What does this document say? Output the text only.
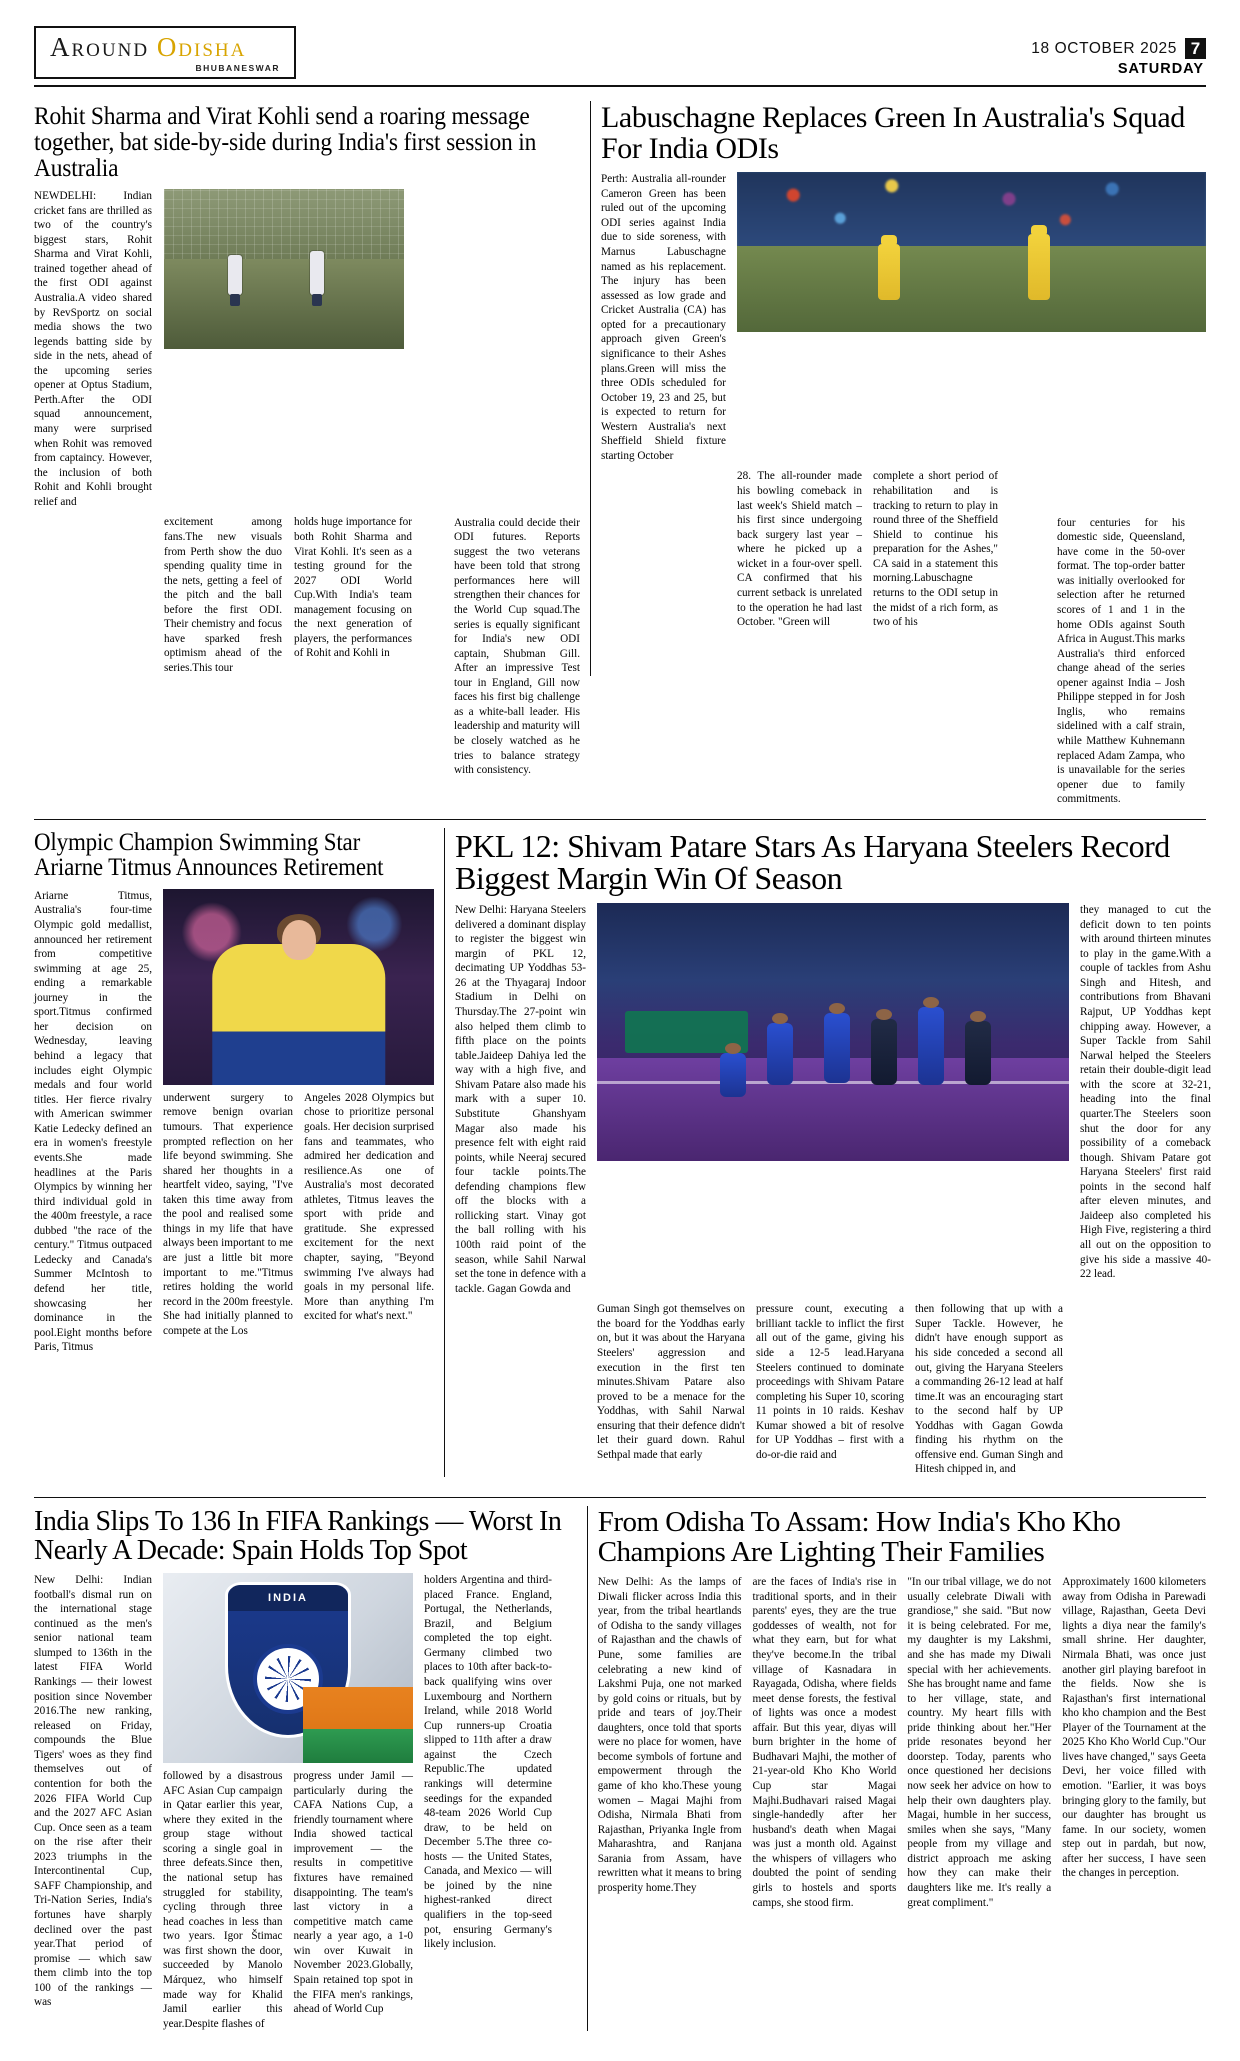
Around Odisha
BHUBANESWAR
18 OCTOBER 2025 7
SATURDAY
Rohit Sharma and Virat Kohli send a roaring message together, bat side-by-side during India's first session in Australia
NEWDELHI: Indian cricket fans are thrilled as two of the country's biggest stars, Rohit Sharma and Virat Kohli, trained together ahead of the first ODI against Australia.A video shared by RevSportz on social media shows the two legends batting side by side in the nets, ahead of the upcoming series opener at Optus Stadium, Perth.After the ODI squad announcement, many were surprised when Rohit was removed from captaincy. However, the inclusion of both Rohit and Kohli brought relief and
excitement among fans.The new visuals from Perth show the duo spending quality time in the nets, getting a feel of the pitch and the ball before the first ODI. Their chemistry and focus have sparked fresh optimism ahead of the series.This tour
holds huge importance for both Rohit Sharma and Virat Kohli. It's seen as a testing ground for the 2027 ODI World Cup.With India's team management focusing on the next generation of players, the performances of Rohit and Kohli in
Labuschagne Replaces Green In Australia's Squad For India ODIs
Perth: Australia all-rounder Cameron Green has been ruled out of the upcoming ODI series against India due to side soreness, with Marnus Labuschagne named as his replacement. The injury has been assessed as low grade and Cricket Australia (CA) has opted for a precautionary approach given Green's significance to their Ashes plans.Green will miss the three ODIs scheduled for October 19, 23 and 25, but is expected to return for Western Australia's next Sheffield Shield fixture starting October
28. The all-rounder made his bowling comeback in last week's Shield match – his first since undergoing back surgery last year – where he picked up a wicket in a four-over spell. CA confirmed that his current setback is unrelated to the operation he had last October. "Green will
complete a short period of rehabilitation and is tracking to return to play in round three of the Sheffield Shield to continue his preparation for the Ashes," CA said in a statement this morning.Labuschagne returns to the ODI setup in the midst of a rich form, as two of his
Australia could decide their ODI futures. Reports suggest the two veterans have been told that strong performances here will strengthen their chances for the World Cup squad.The series is equally significant for India's new ODI captain, Shubman Gill. After an impressive Test tour in England, Gill now faces his first big challenge as a white-ball leader. His leadership and maturity will be closely watched as he tries to balance strategy with consistency.
four centuries for his domestic side, Queensland, have come in the 50-over format. The top-order batter was initially overlooked for selection after he returned scores of 1 and 1 in the home ODIs against South Africa in August.This marks Australia's third enforced change ahead of the series opener against India – Josh Philippe stepped in for Josh Inglis, who remains sidelined with a calf strain, while Matthew Kuhnemann replaced Adam Zampa, who is unavailable for the series opener due to family commitments.
Olympic Champion Swimming Star Ariarne Titmus Announces Retirement
Ariarne Titmus, Australia's four-time Olympic gold medallist, announced her retirement from competitive swimming at age 25, ending a remarkable journey in the sport.Titmus confirmed her decision on Wednesday, leaving behind a legacy that includes eight Olympic medals and four world titles. Her fierce rivalry with American swimmer Katie Ledecky defined an era in women's freestyle events.She made headlines at the Paris Olympics by winning her third individual gold in the 400m freestyle, a race dubbed "the race of the century." Titmus outpaced Ledecky and Canada's Summer McIntosh to defend her title, showcasing her dominance in the pool.Eight months before Paris, Titmus
underwent surgery to remove benign ovarian tumours. That experience prompted reflection on her life beyond swimming. She shared her thoughts in a heartfelt video, saying, "I've taken this time away from the pool and realised some things in my life that have always been important to me are just a little bit more important to me."Titmus retires holding the world record in the 200m freestyle. She had initially planned to compete at the Los
Angeles 2028 Olympics but chose to prioritize personal goals. Her decision surprised fans and teammates, who admired her dedication and resilience.As one of Australia's most decorated athletes, Titmus leaves the sport with pride and gratitude. She expressed excitement for the next chapter, saying, "Beyond swimming I've always had goals in my personal life. More than anything I'm excited for what's next."
PKL 12: Shivam Patare Stars As Haryana Steelers Record Biggest Margin Win Of Season
New Delhi: Haryana Steelers delivered a dominant display to register the biggest win margin of PKL 12, decimating UP Yoddhas 53-26 at the Thyagaraj Indoor Stadium in Delhi on Thursday.The 27-point win also helped them climb to fifth place on the points table.Jaideep Dahiya led the way with a high five, and Shivam Patare also made his mark with a super 10. Substitute Ghanshyam Magar also made his presence felt with eight raid points, while Neeraj secured four tackle points.The defending champions flew off the blocks with a rollicking start. Vinay got the ball rolling with his 100th raid point of the season, while Sahil Narwal set the tone in defence with a tackle. Gagan Gowda and
they managed to cut the deficit down to ten points with around thirteen minutes to play in the game.With a couple of tackles from Ashu Singh and Hitesh, and contributions from Bhavani Rajput, UP Yoddhas kept chipping away. However, a Super Tackle from Sahil Narwal helped the Steelers retain their double-digit lead with the score at 32-21, heading into the final quarter.The Steelers soon shut the door for any possibility of a comeback though. Shivam Patare got Haryana Steelers' first raid points in the second half after eleven minutes, and Jaideep also completed his High Five, registering a third all out on the opposition to give his side a massive 40-22 lead.
Guman Singh got themselves on the board for the Yoddhas early on, but it was about the Haryana Steelers' aggression and execution in the first ten minutes.Shivam Patare also proved to be a menace for the Yoddhas, with Sahil Narwal ensuring that their defence didn't let their guard down. Rahul Sethpal made that early
pressure count, executing a brilliant tackle to inflict the first all out of the game, giving his side a 12-5 lead.Haryana Steelers continued to dominate proceedings with Shivam Patare completing his Super 10, scoring 11 points in 10 raids. Keshav Kumar showed a bit of resolve for UP Yoddhas – first with a do-or-die raid and
then following that up with a Super Tackle. However, he didn't have enough support as his side conceded a second all out, giving the Haryana Steelers a commanding 26-12 lead at half time.It was an encouraging start to the second half by UP Yoddhas with Gagan Gowda finding his rhythm on the offensive end. Guman Singh and Hitesh chipped in, and
India Slips To 136 In FIFA Rankings — Worst In Nearly A Decade: Spain Holds Top Spot
New Delhi: Indian football's dismal run on the international stage continued as the men's senior national team slumped to 136th in the latest FIFA World Rankings — their lowest position since November 2016.The new ranking, released on Friday, compounds the Blue Tigers' woes as they find themselves out of contention for both the 2026 FIFA World Cup and the 2027 AFC Asian Cup. Once seen as a team on the rise after their 2023 triumphs in the Intercontinental Cup, SAFF Championship, and Tri-Nation Series, India's fortunes have sharply declined over the past year.That period of promise — which saw them climb into the top 100 of the rankings — was
INDIA
followed by a disastrous AFC Asian Cup campaign in Qatar earlier this year, where they exited in the group stage without scoring a single goal in three defeats.Since then, the national setup has struggled for stability, cycling through three head coaches in less than two years. Igor Štimac was first shown the door, succeeded by Manolo Márquez, who himself made way for Khalid Jamil earlier this year.Despite flashes of
progress under Jamil — particularly during the CAFA Nations Cup, a friendly tournament where India showed tactical improvement — the results in competitive fixtures have remained disappointing. The team's last victory in a competitive match came nearly a year ago, a 1-0 win over Kuwait in November 2023.Globally, Spain retained top spot in the FIFA men's rankings, ahead of World Cup
holders Argentina and third-placed France. England, Portugal, the Netherlands, Brazil, and Belgium completed the top eight. Germany climbed two places to 10th after back-to-back qualifying wins over Luxembourg and Northern Ireland, while 2018 World Cup runners-up Croatia slipped to 11th after a draw against the Czech Republic.The updated rankings will determine seedings for the expanded 48-team 2026 World Cup draw, to be held on December 5.The three co-hosts — the United States, Canada, and Mexico — will be joined by the nine highest-ranked direct qualifiers in the top-seed pot, ensuring Germany's likely inclusion.
From Odisha To Assam: How India's Kho Kho Champions Are Lighting Their Families
New Delhi: As the lamps of Diwali flicker across India this year, from the tribal heartlands of Odisha to the sandy villages of Rajasthan and the chawls of Pune, some families are celebrating a new kind of Lakshmi Puja, one not marked by gold coins or rituals, but by pride and tears of joy.Their daughters, once told that sports were no place for women, have become symbols of fortune and empowerment through the game of kho kho.These young women – Magai Majhi from Odisha, Nirmala Bhati from Rajasthan, Priyanka Ingle from Maharashtra, and Ranjana Sarania from Assam, have rewritten what it means to bring prosperity home.They
are the faces of India's rise in traditional sports, and in their parents' eyes, they are the true goddesses of wealth, not for what they earn, but for what they've become.In the tribal village of Kasnadara in Rayagada, Odisha, where fields meet dense forests, the festival of lights was once a modest affair. But this year, diyas will burn brighter in the home of Budhavari Majhi, the mother of 21-year-old Kho Kho World Cup star Magai Majhi.Budhavari raised Magai single-handedly after her husband's death when Magai was just a month old. Against the whispers of villagers who doubted the point of sending girls to hostels and sports camps, she stood firm.
"In our tribal village, we do not usually celebrate Diwali with grandiose," she said. "But now it is being celebrated. For me, my daughter is my Lakshmi, and she has made my Diwali special with her achievements. She has brought name and fame to her village, state, and country. My heart fills with pride thinking about her."Her pride resonates beyond her doorstep. Today, parents who once questioned her decisions now seek her advice on how to help their own daughters play. Magai, humble in her success, smiles when she says, "Many people from my village and district approach me asking how they can make their daughters like me. It's really a great compliment."
Approximately 1600 kilometers away from Odisha in Parewadi village, Rajasthan, Geeta Devi lights a diya near the family's small shrine. Her daughter, Nirmala Bhati, was once just another girl playing barefoot in the fields. Now she is Rajasthan's first international kho kho champion and the Best Player of the Tournament at the 2025 Kho Kho World Cup."Our lives have changed," says Geeta Devi, her voice filled with emotion. "Earlier, it was boys bringing glory to the family, but our daughter has brought us fame. In our society, women step out in pardah, but now, after her success, I have seen the changes in perception.
